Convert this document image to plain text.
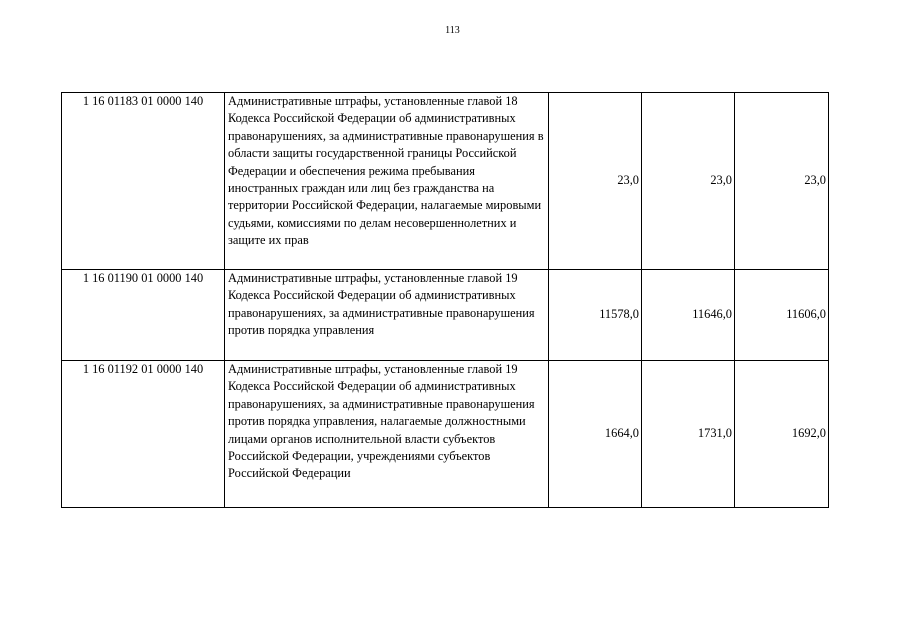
113
1 16 01183 01 0000 140	Административные штрафы, установленные главой 18 Кодекса Российской Федерации об административных правонарушениях, за административные правонарушения в области защиты государственной границы Российской Федерации и обеспечения режима пребывания иностранных граждан или лиц без гражданства на территории Российской Федерации, налагаемые мировыми судьями, комиссиями по делам несовершеннолетних и защите их прав	23,0	23,0	23,0
1 16 01190 01 0000 140	Административные штрафы, установленные главой 19 Кодекса Российской Федерации об административных правонарушениях, за административные правонарушения против порядка управления	11578,0	11646,0	11606,0
1 16 01192 01 0000 140	Административные штрафы, установленные главой 19 Кодекса Российской Федерации об административных правонарушениях, за административные правонарушения против порядка управления, налагаемые должностными лицами органов исполнительной власти субъектов Российской Федерации, учреждениями субъектов Российской Федерации	1664,0	1731,0	1692,0
